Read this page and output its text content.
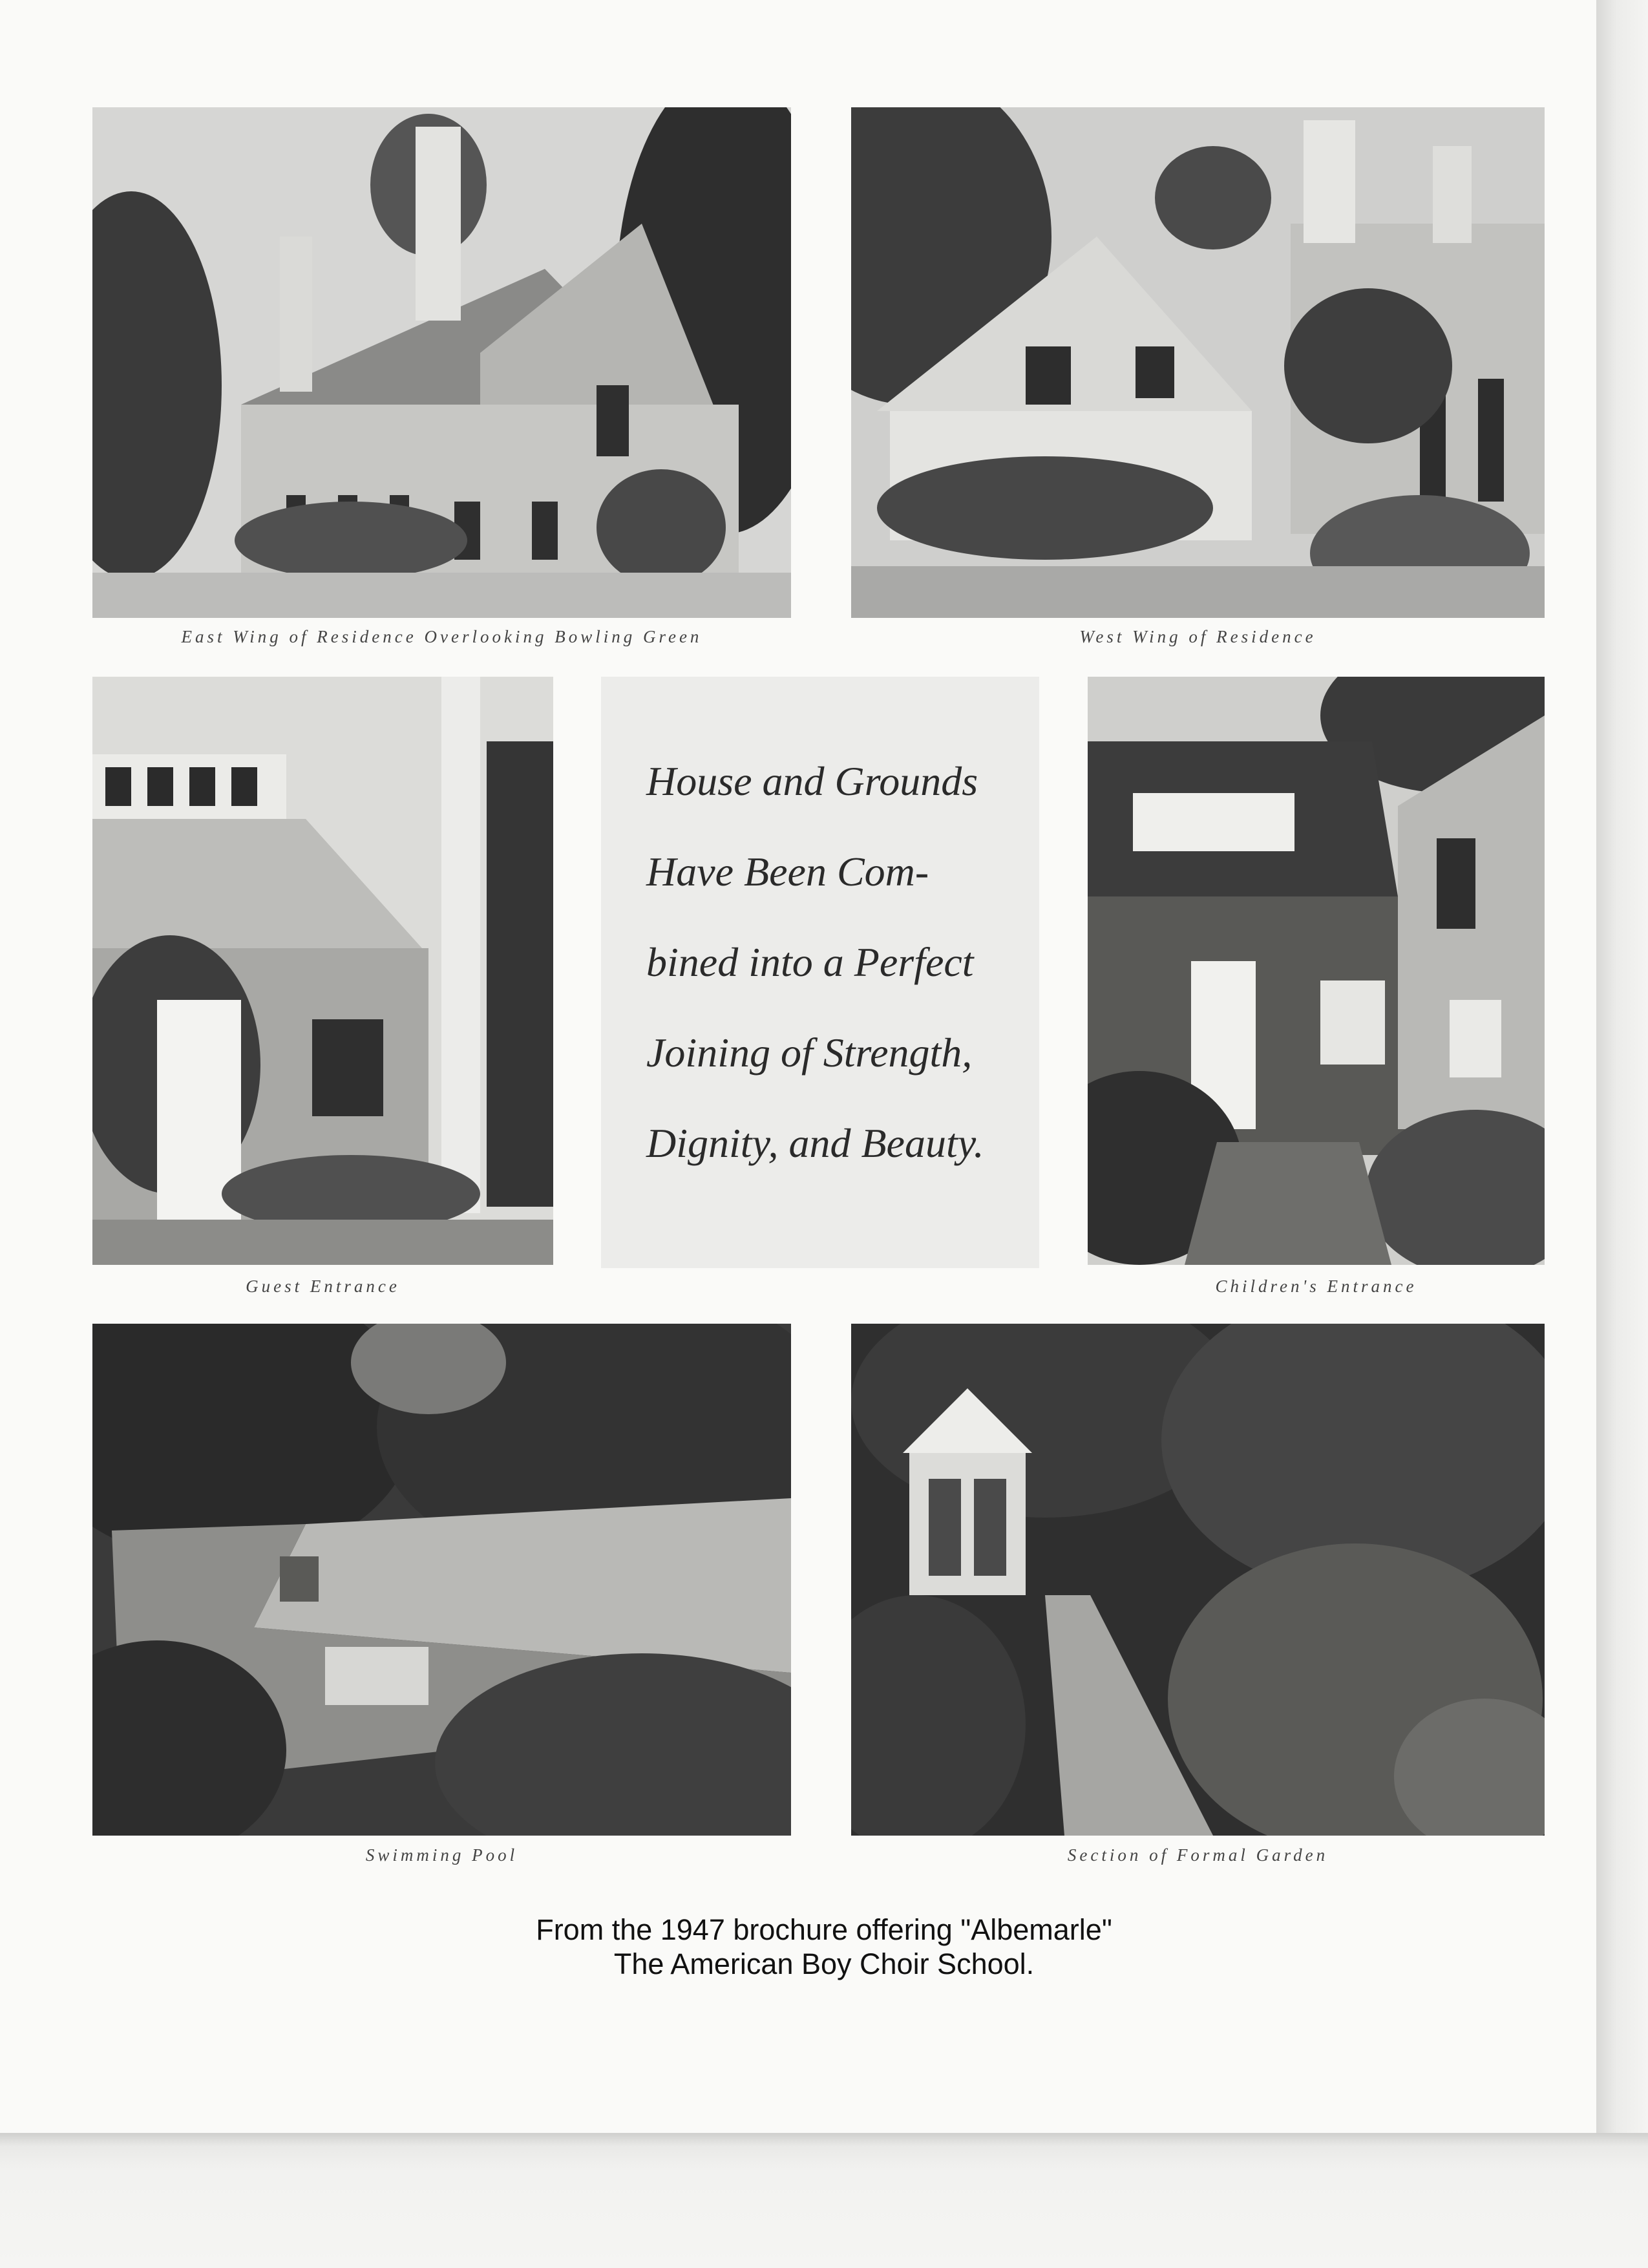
East Wing of Residence Overlooking Bowling Green	West Wing of Residence
Guest Entrance
House and Grounds
Have Been Com-
bined into a Perfect
Joining of Strength,
Dignity, and Beauty.
Children's Entrance
Swimming Pool	Section of Formal Garden
From the 1947 brochure offering "Albemarle"
The American Boy Choir School.
